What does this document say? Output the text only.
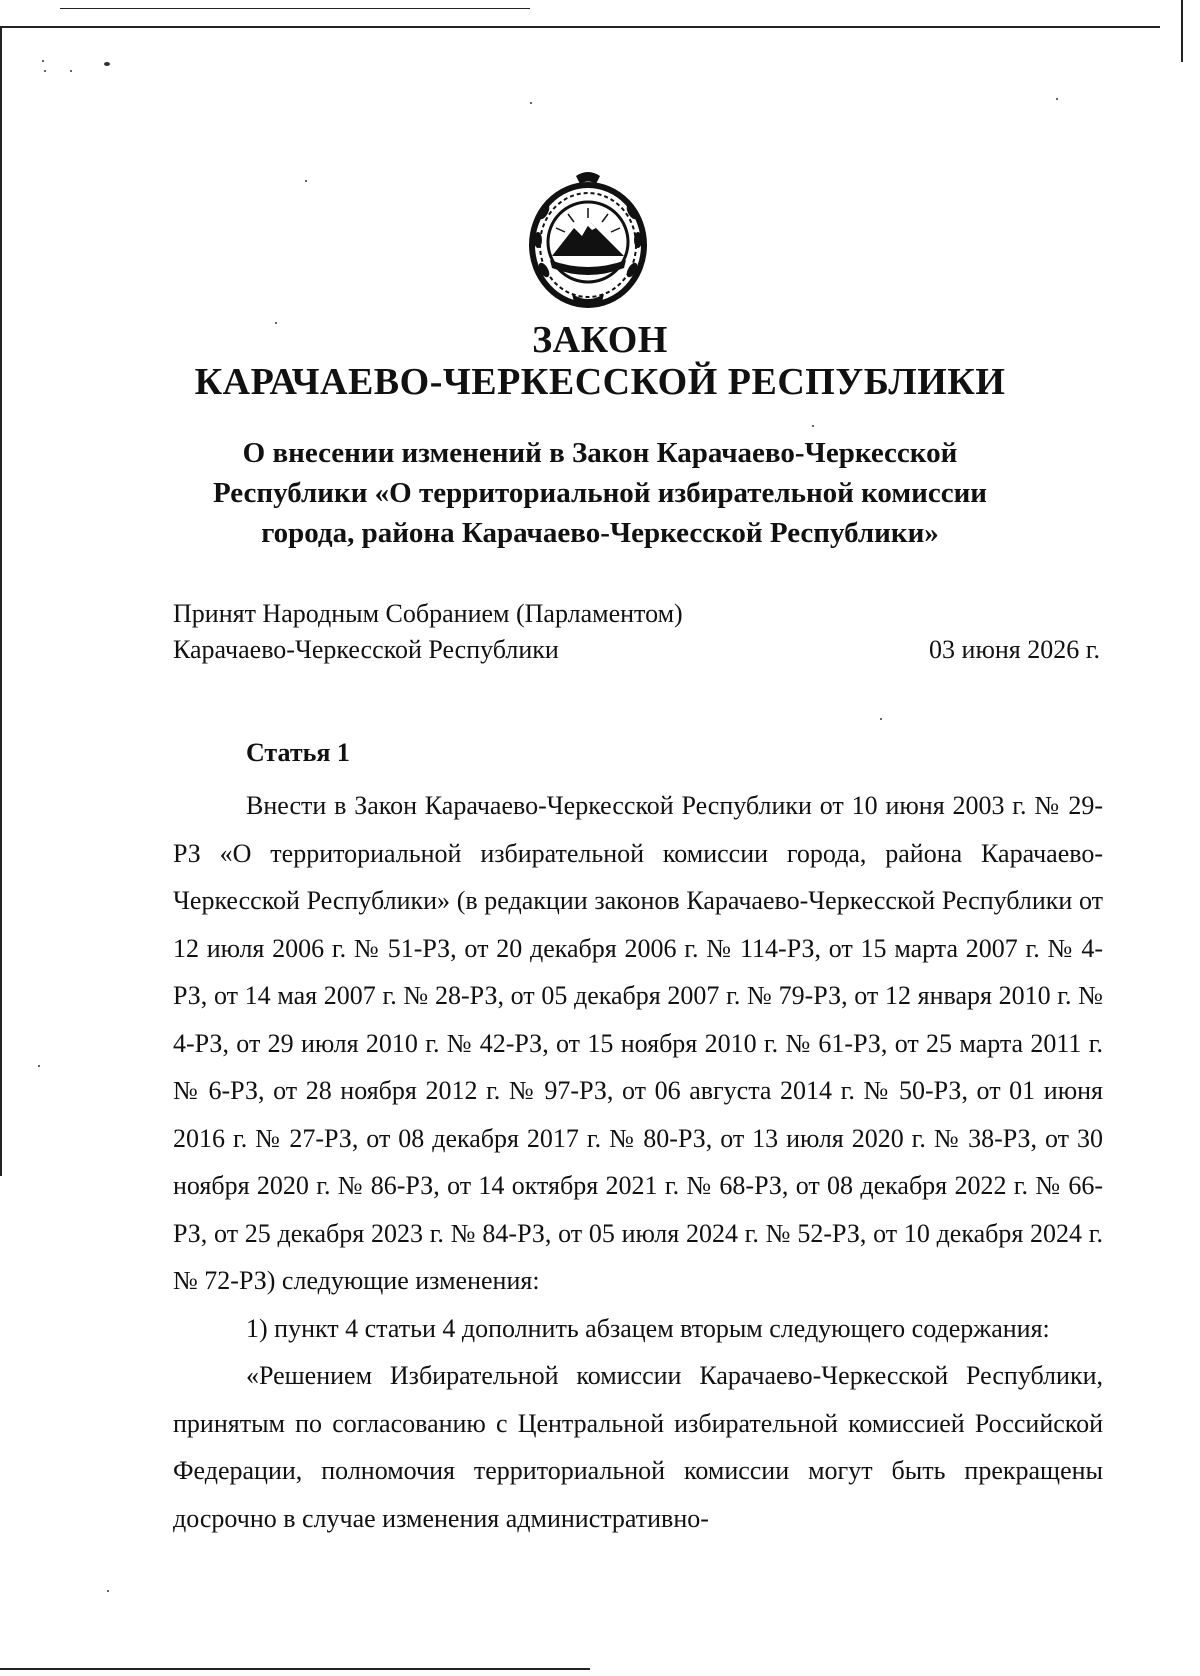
ЗАКОН
КАРАЧАЕВО-ЧЕРКЕССКОЙ РЕСПУБЛИКИ
О внесении изменений в Закон Карачаево-Черкесской Республики «О территориальной избирательной комиссии города, района Карачаево-Черкесской Республики»
Принят Народным Собранием (Парламентом)
Карачаево-Черкесской Республики	03 июня 2026 г.
Статья 1

Внести в Закон Карачаево-Черкесской Республики от 10 июня 2003 г. № 29-РЗ «О территориальной избирательной комиссии города, района Карачаево-Черкесской Республики» (в редакции законов Карачаево-Черкесской Республики от 12 июля 2006 г. № 51-РЗ, от 20 декабря 2006 г. № 114-РЗ, от 15 марта 2007 г. № 4-РЗ, от 14 мая 2007 г. № 28-РЗ, от 05 декабря 2007 г. № 79-РЗ, от 12 января 2010 г. № 4-РЗ, от 29 июля 2010 г. № 42-РЗ, от 15 ноября 2010 г. № 61-РЗ, от 25 марта 2011 г. № 6-РЗ, от 28 ноября 2012 г. № 97-РЗ, от 06 августа 2014 г. № 50-РЗ, от 01 июня 2016 г. № 27-РЗ, от 08 декабря 2017 г. № 80-РЗ, от 13 июля 2020 г. № 38-РЗ, от 30 ноября 2020 г. № 86-РЗ, от 14 октября 2021 г. № 68-РЗ, от 08 декабря 2022 г. № 66-РЗ, от 25 декабря 2023 г. № 84-РЗ, от 05 июля 2024 г. № 52-РЗ, от 10 декабря 2024 г. № 72-РЗ) следующие изменения:

1) пункт 4 статьи 4 дополнить абзацем вторым следующего содержания:

«Решением Избирательной комиссии Карачаево-Черкесской Республики, принятым по согласованию с Центральной избирательной комиссией Российской Федерации, полномочия территориальной комиссии могут быть прекращены досрочно в случае изменения административно-
